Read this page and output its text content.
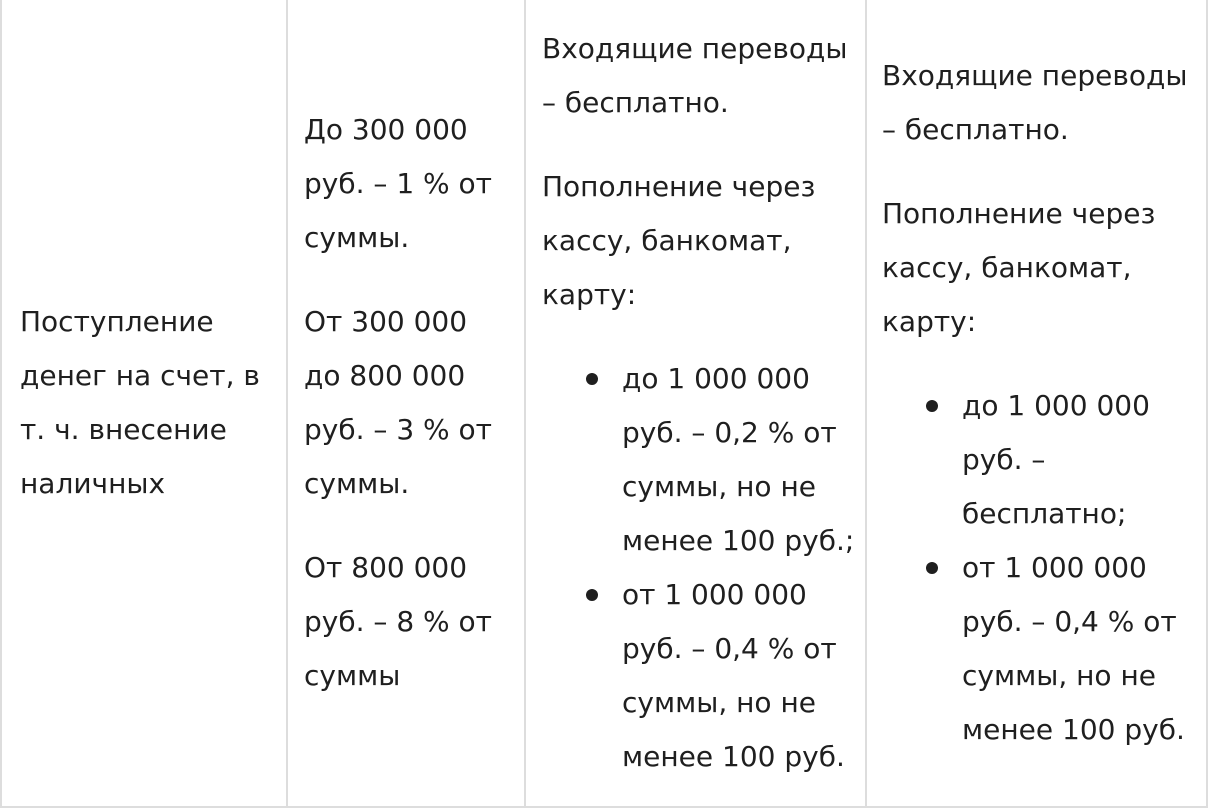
Поступление
денег на счет, в
т. ч. внесение
наличных

До 300 000
руб. – 1 % от
суммы.

От 300 000
до 800 000
руб. – 3 % от
суммы.

От 800 000
руб. – 8 % от
суммы

Входящие переводы
– бесплатно.

Пополнение через
кассу, банкомат,
карту:

до 1 000 000
руб. – 0,2 % от
суммы, но не
менее 100 руб.;
от 1 000 000
руб. – 0,4 % от
суммы, но не
менее 100 руб.

Входящие переводы
– бесплатно.

Пополнение через
кассу, банкомат,
карту:

до 1 000 000
руб. –
бесплатно;
от 1 000 000
руб. – 0,4 % от
суммы, но не
менее 100 руб.
